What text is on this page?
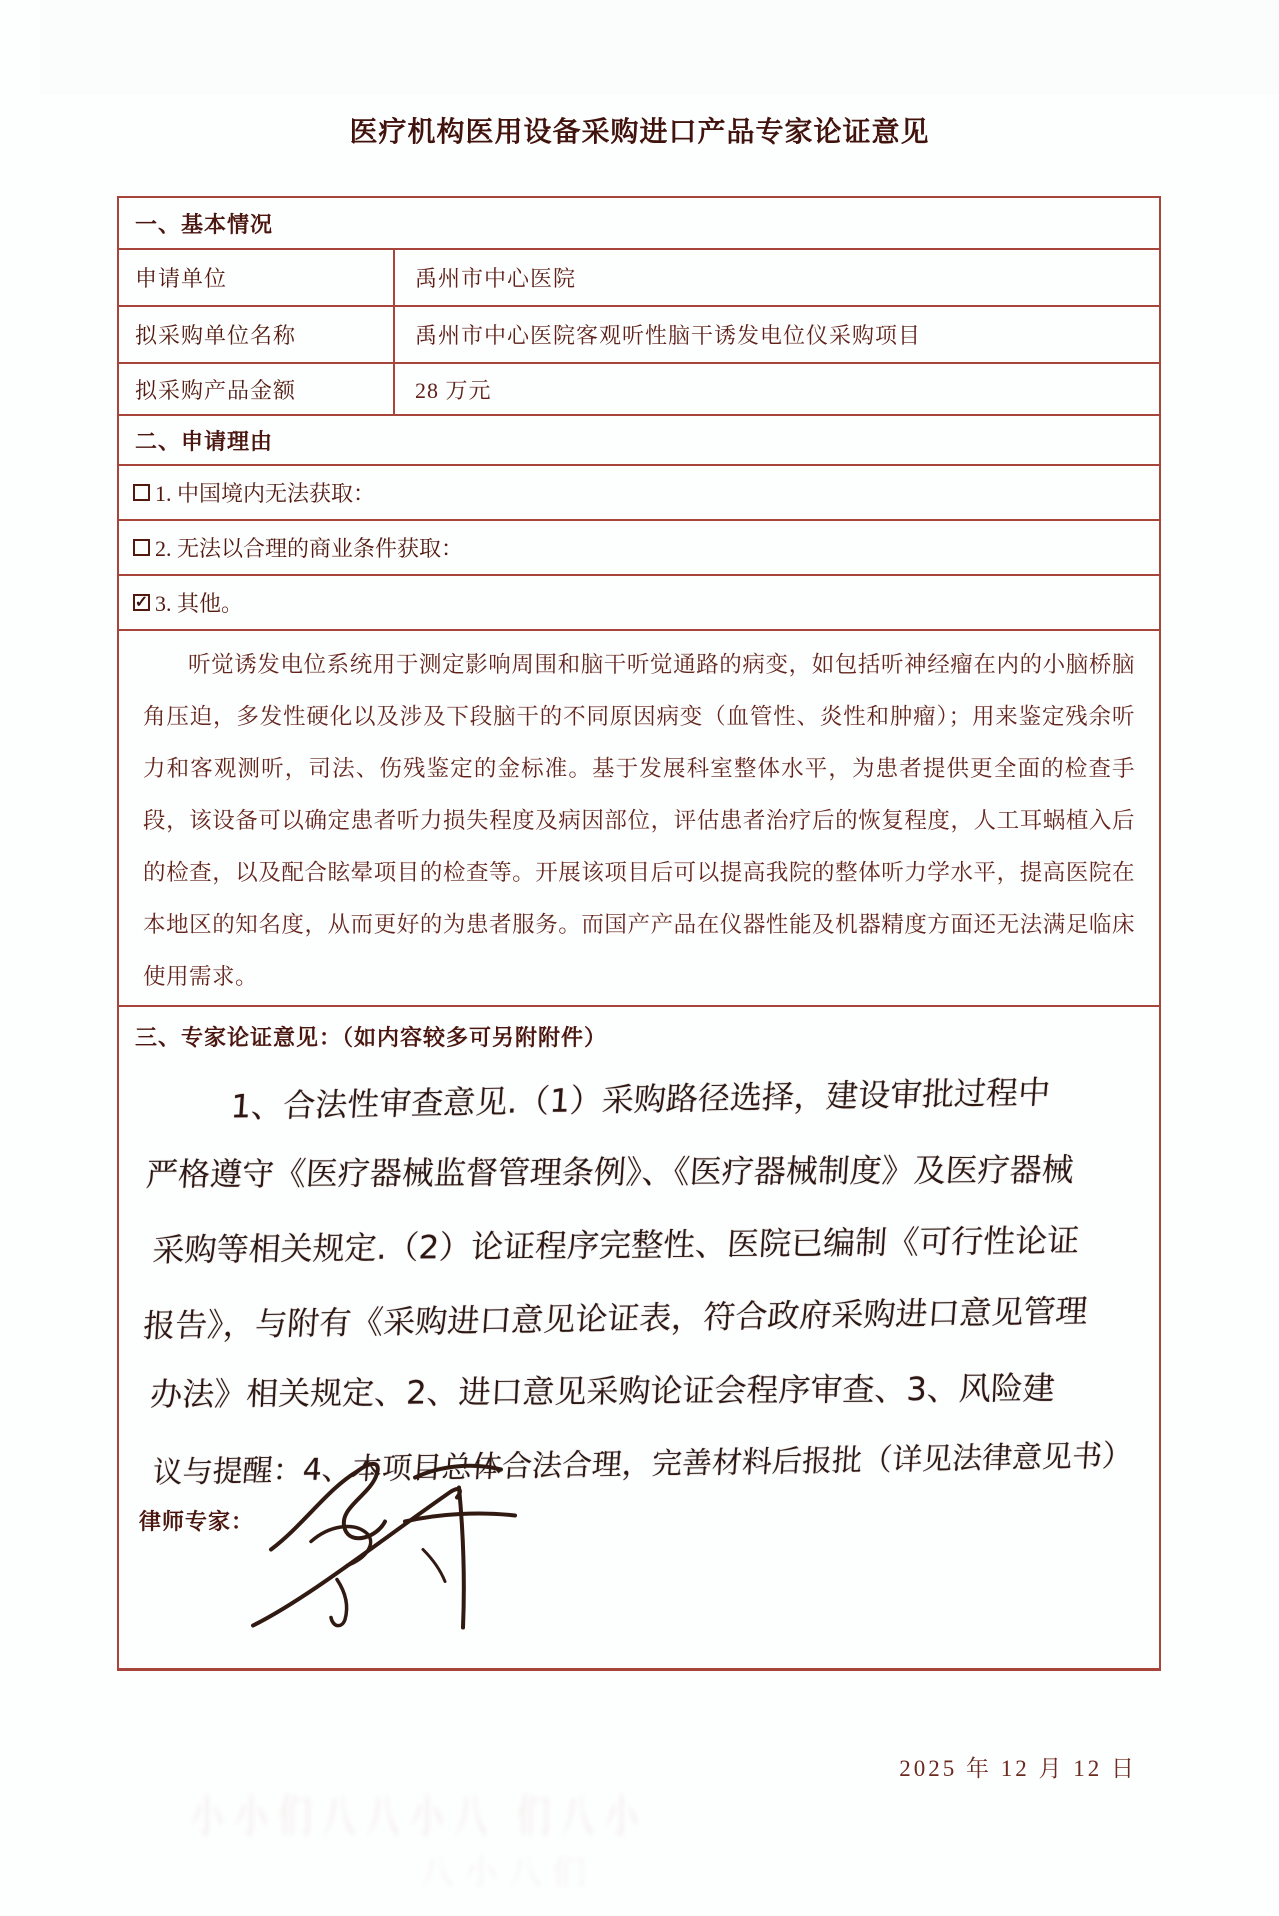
医疗机构医用设备采购进口产品专家论证意见
一、基本情况
申请单位	禹州市中心医院
拟采购单位名称	禹州市中心医院客观听性脑干诱发电位仪采购项目
拟采购产品金额	28 万元
二、申请理由
1. 中国境内无法获取：
2. 无法以合理的商业条件获取：
✓ 3. 其他。
听觉诱发电位系统用于测定影响周围和脑干听觉通路的病变，如包括听神经瘤在内的小脑桥脑角压迫，多发性硬化以及涉及下段脑干的不同原因病变（血管性、炎性和肿瘤）；用来鉴定残余听力和客观测听，司法、伤残鉴定的金标准。基于发展科室整体水平，为患者提供更全面的检查手段，该设备可以确定患者听力损失程度及病因部位，评估患者治疗后的恢复程度，人工耳蜗植入后的检查，以及配合眩晕项目的检查等。开展该项目后可以提高我院的整体听力学水平，提高医院在本地区的知名度，从而更好的为患者服务。而国产产品在仪器性能及机器精度方面还无法满足临床使用需求。
三、专家论证意见：（如内容较多可另附附件）
1、合法性审查意见.（1）采购路径选择，建设审批过程中
严格遵守《医疗器械监督管理条例》、《医疗器械制度》及医疗器械
采购等相关规定.（2）论证程序完整性、医院已编制《可行性论证
报告》，与附有《采购进口意见论证表，符合政府采购进口意见管理
办法》相关规定、2、进口意见采购论证会程序审查、3、风险建
议与提醒：4、本项目总体合法合理，完善材料后报批（详见法律意见书）
律师专家：
2025 年 12 月 12 日
小小们八八小八 们八小
八小八们
